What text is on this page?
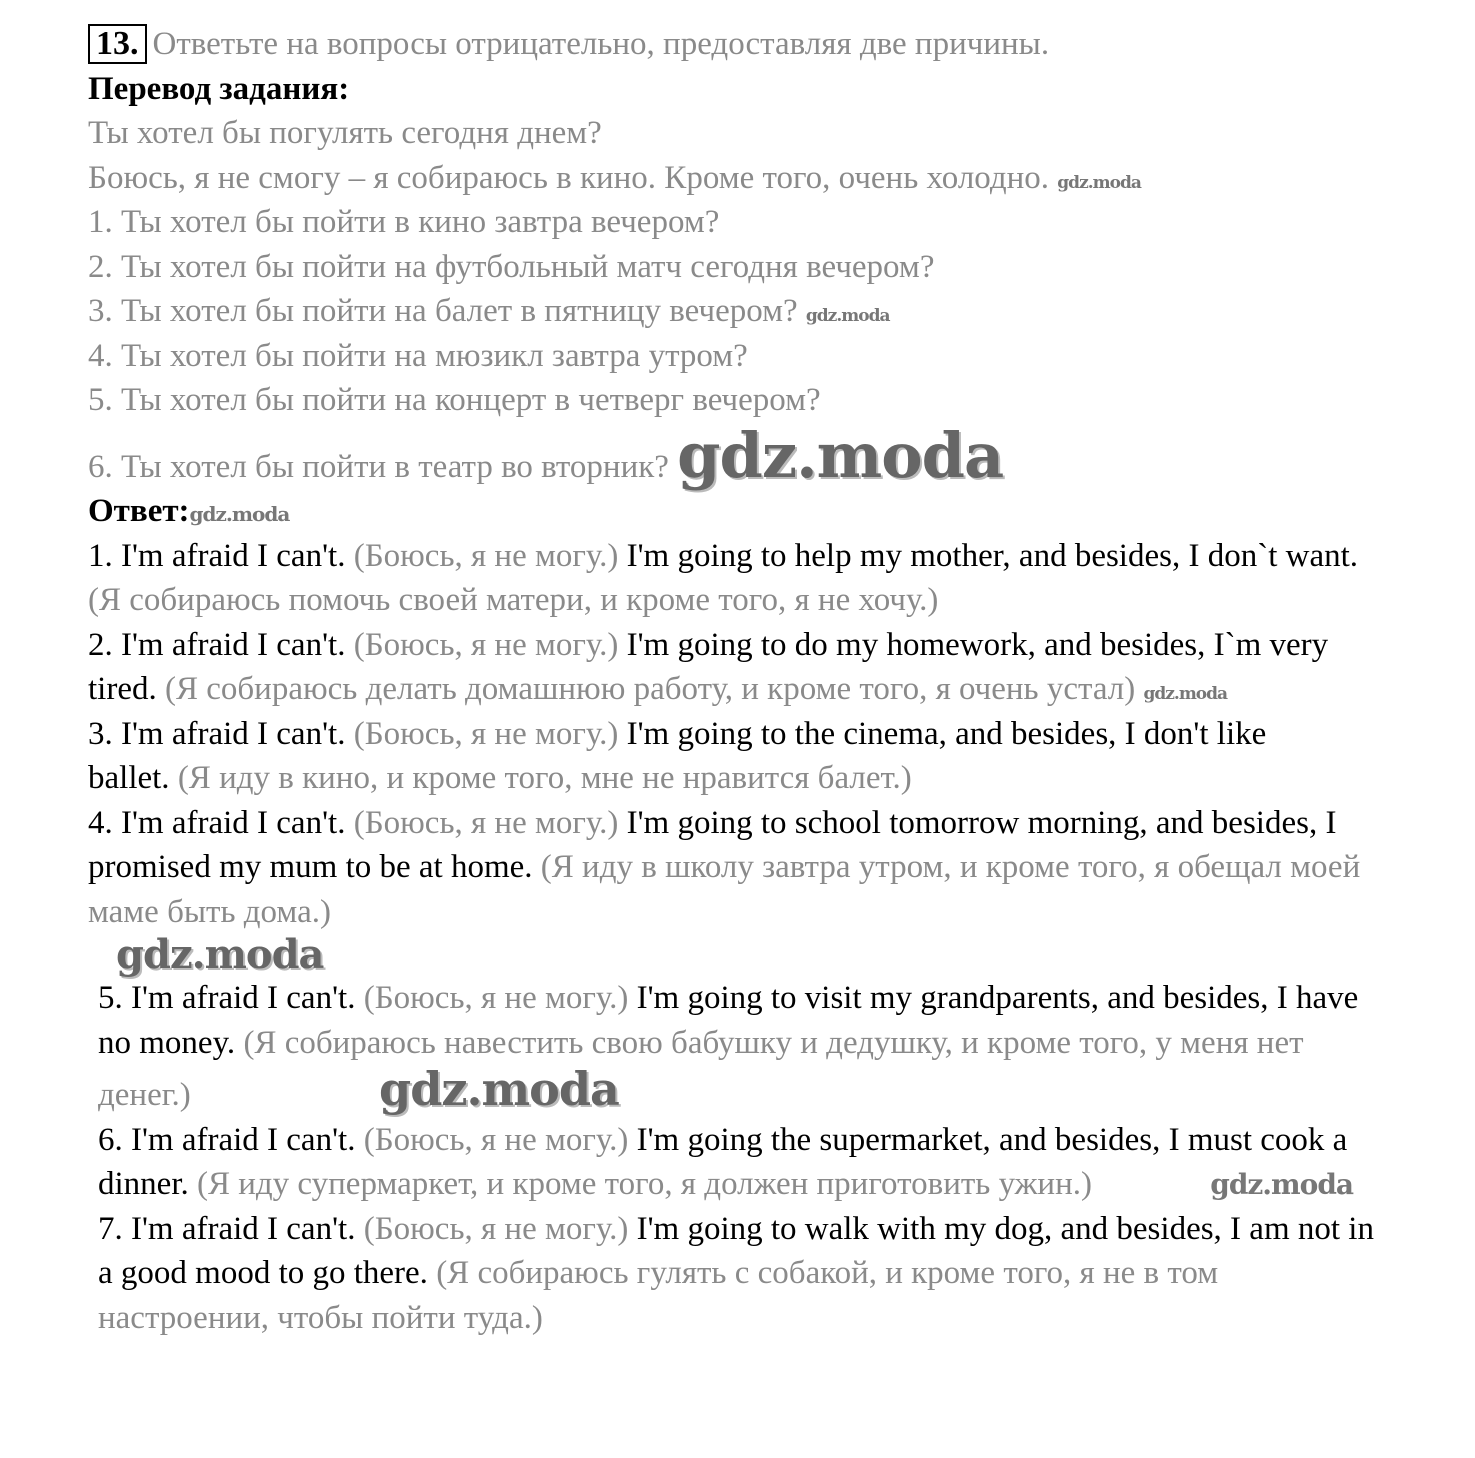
13. Ответьте на вопросы отрицательно, предоставляя две причины.
Перевод задания:
Ты хотел бы погулять сегодня днем?
Боюсь, я не смогу – я собираюсь в кино. Кроме того, очень холодно. gdz.moda
1. Ты хотел бы пойти в кино завтра вечером?
2. Ты хотел бы пойти на футбольный матч сегодня вечером?
3. Ты хотел бы пойти на балет в пятницу вечером? gdz.moda
4. Ты хотел бы пойти на мюзикл завтра утром?
5. Ты хотел бы пойти на концерт в четверг вечером?
6. Ты хотел бы пойти в театр во вторник? gdz.moda
Ответ:gdz.moda
1. I'm afraid I can't. (Боюсь, я не могу.) I'm going to help my mother, and besides, I don`t want. (Я собираюсь помочь своей матери, и кроме того, я не хочу.)
2. I'm afraid I can't. (Боюсь, я не могу.) I'm going to do my homework, and besides, I`m very tired. (Я собираюсь делать домашнюю работу, и кроме того, я очень устал) gdz.moda
3. I'm afraid I can't. (Боюсь, я не могу.) I'm going to the cinema, and besides, I don't like ballet. (Я иду в кино, и кроме того, мне не нравится балет.)
4. I'm afraid I can't. (Боюсь, я не могу.) I'm going to school tomorrow morning, and besides, I promised my mum to be at home. (Я иду в школу завтра утром, и кроме того, я обещал моей маме быть дома.)
gdz.moda
5. I'm afraid I can't. (Боюсь, я не могу.) I'm going to visit my grandparents, and besides, I have no money. (Я собираюсь навестить свою бабушку и дедушку, и кроме того, у меня нет денег.)	gdz.moda
6. I'm afraid I can't. (Боюсь, я не могу.) I'm going the supermarket, and besides, I must cook a dinner. (Я иду супермаркет, и кроме того, я должен приготовить ужин.)	gdz.moda
7. I'm afraid I can't. (Боюсь, я не могу.) I'm going to walk with my dog, and besides, I am not in a good mood to go there. (Я собираюсь гулять с собакой, и кроме того, я не в том настроении, чтобы пойти туда.)
